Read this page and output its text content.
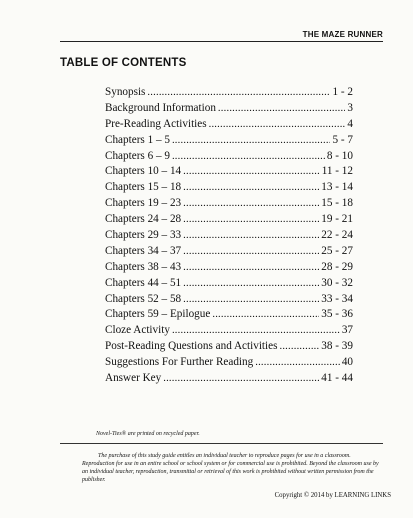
THE MAZE RUNNER
TABLE OF CONTENTS
Synopsis . . .	1 - 2
Background Information . . .	3
Pre-Reading Activities . . .	4
Chapters 1 – 5 . . .	5 - 7
Chapters 6 – 9 . . .	8 - 10
Chapters 10 – 14 . . .	11 - 12
Chapters 15 – 18 . . .	13 - 14
Chapters 19 – 23 . . .	15 - 18
Chapters 24 – 28 . . .	19 - 21
Chapters 29 – 33 . . .	22 - 24
Chapters 34 – 37 . . .	25 - 27
Chapters 38 – 43 . . .	28 - 29
Chapters 44 – 51 . . .	30 - 32
Chapters 52 – 58 . . .	33 - 34
Chapters 59 – Epilogue . . .	35 - 36
Cloze Activity . . .	37
Post-Reading Questions and Activities . . .	38 - 39
Suggestions For Further Reading . . .	40
Answer Key . . .	41 - 44
Novel-Ties® are printed on recycled paper.

The purchase of this study guide entitles an individual teacher to reproduce pages for use in a classroom. Reproduction for use in an entire school or school system or for commercial use is prohibited. Beyond the classroom use by an individual teacher, reproduction, transmittal or retrieval of this work is prohibited without written permission from the publisher.

Copyright © 2014 by LEARNING LINKS
